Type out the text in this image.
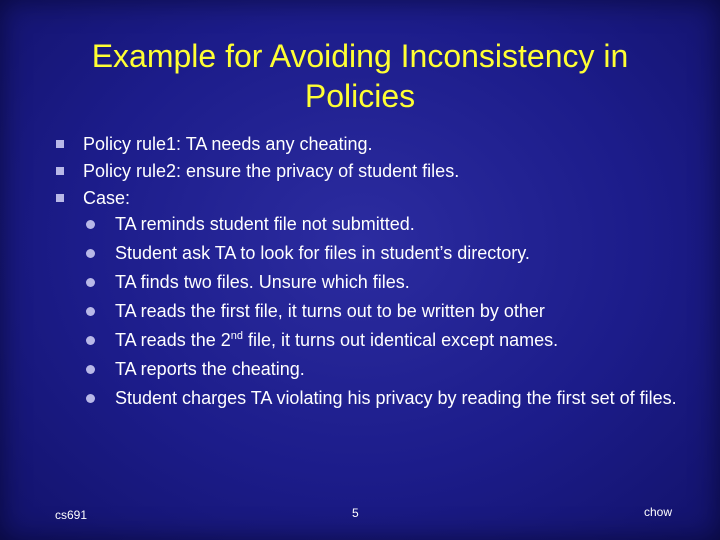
Example for Avoiding Inconsistency in
Policies
Policy rule1: TA needs any cheating.
Policy rule2: ensure the privacy of student files.
Case:
TA reminds student file not submitted.
Student ask TA to look for files in student’s directory.
TA finds two files. Unsure which files.
TA reads the first file, it turns out to be written by other
TA reads the 2nd file, it turns out identical except names.
TA reports the cheating.
Student charges TA violating his privacy by reading the first set of files.
cs691	5	chow
